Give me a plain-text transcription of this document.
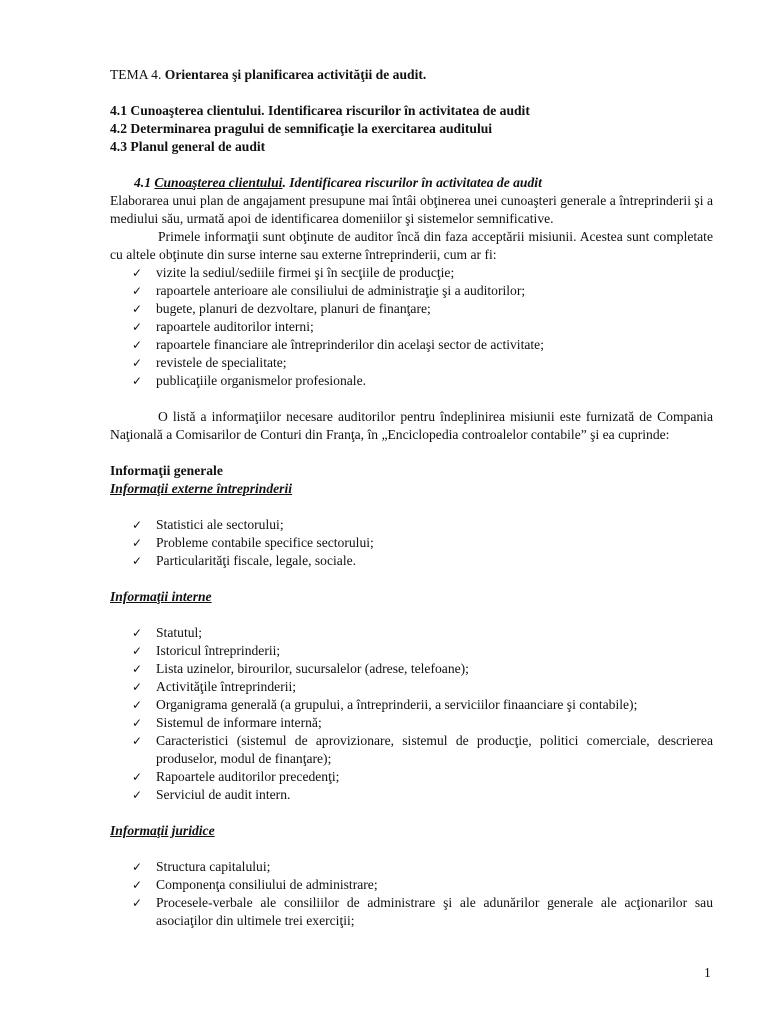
TEMA 4. Orientarea şi planificarea activităţii de audit.

4.1 Cunoaşterea clientului. Identificarea riscurilor în activitatea de audit

4.2 Determinarea pragului de semnificaţie la exercitarea auditului

4.3 Planul general de audit

4.1 Cunoaşterea clientului. Identificarea riscurilor în activitatea de audit

Elaborarea unui plan de angajament presupune mai întâi obţinerea unei cunoaşteri generale a întreprinderii şi a mediului său, urmată apoi de identificarea domeniilor şi sistemelor semnificative.

Primele informaţii sunt obţinute de auditor încă din faza acceptării misiunii. Acestea sunt completate cu altele obţinute din surse interne sau externe întreprinderii, cum ar fi:

✓ vizite la sediul/sediile firmei şi în secţiile de producţie;
✓ rapoartele anterioare ale consiliului de administraţie şi a auditorilor;
✓ bugete, planuri de dezvoltare, planuri de finanţare;
✓ rapoartele auditorilor interni;
✓ rapoartele financiare ale întreprinderilor din acelaşi sector de activitate;
✓ revistele de specialitate;
✓ publicaţiile organismelor profesionale.

O listă a informaţiilor necesare auditorilor pentru îndeplinirea misiunii este furnizată de Compania Naţională a Comisarilor de Conturi din Franţa, în „Enciclopedia controalelor contabile” şi ea cuprinde:

Informaţii generale

Informaţii externe întreprinderii

✓ Statistici ale sectorului;
✓ Probleme contabile specifice sectorului;
✓ Particularităţi fiscale, legale, sociale.

Informaţii interne

✓ Statutul;
✓ Istoricul întreprinderii;
✓ Lista uzinelor, birourilor, sucursalelor (adrese, telefoane);
✓ Activităţile întreprinderii;
✓ Organigrama generală (a grupului, a întreprinderii, a serviciilor finaanciare şi contabile);
✓ Sistemul de informare internă;
✓ Caracteristici (sistemul de aprovizionare, sistemul de producţie, politici comerciale, descrierea produselor, modul de finanţare);
✓ Rapoartele auditorilor precedenţi;
✓ Serviciul de audit intern.

Informaţii juridice

✓ Structura capitalului;
✓ Componenţa consiliului de administrare;
✓ Procesele-verbale ale consiliilor de administrare şi ale adunărilor generale ale acţionarilor sau asociaţilor din ultimele trei exerciţii;
1
